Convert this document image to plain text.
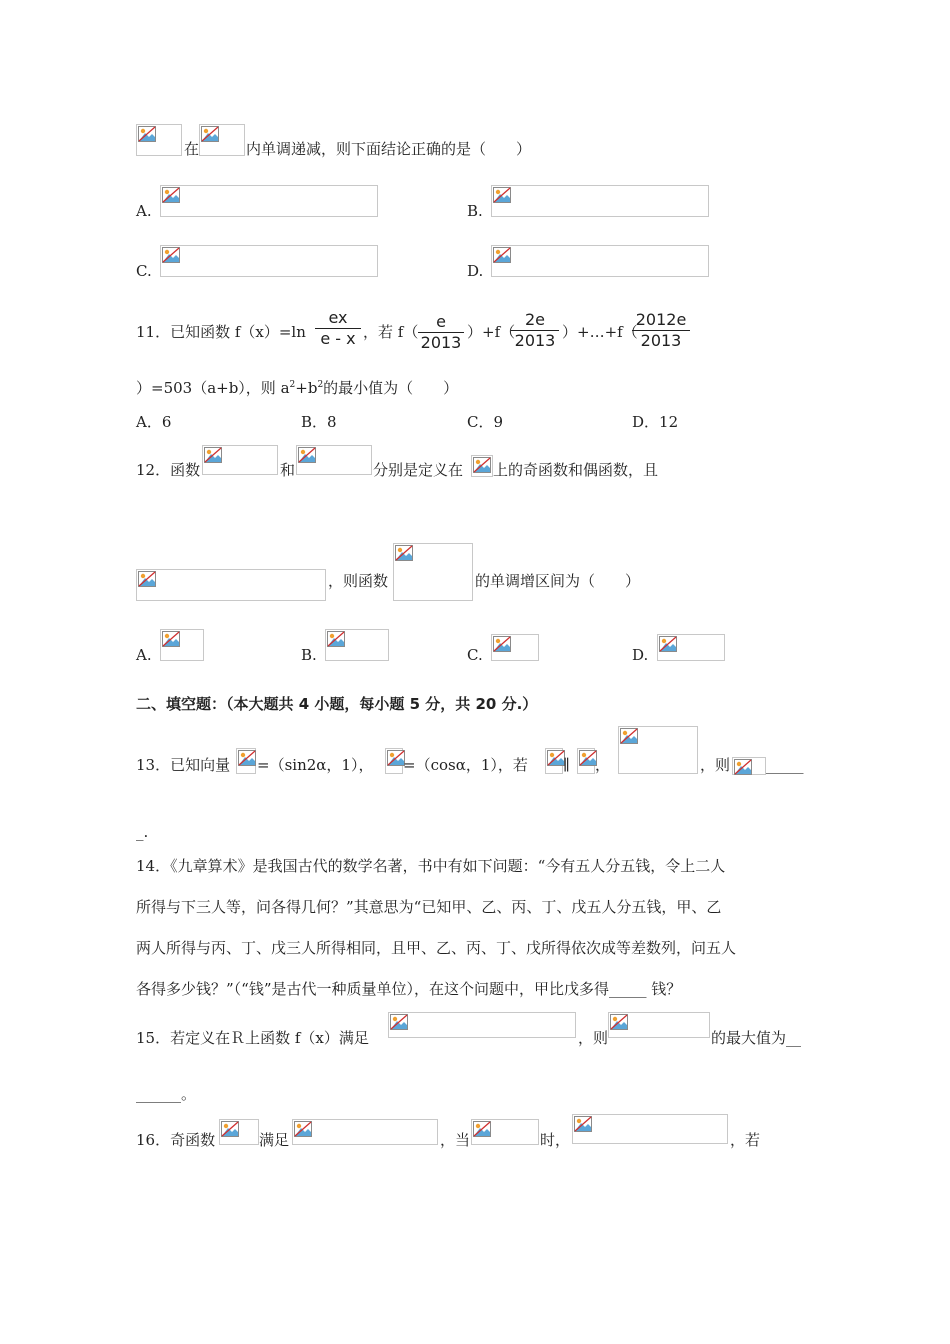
在	内单调递减，则下面结论正确的是（　　）
A.	B.
C.	D.
11．已知函数 f（x）=ln
ex
e - x ，若 f（
e
2013
）+f（
2e
2013 ）+…+f（
2012e
2013
）=503（a+b），则 $a^2+b^2$的最小值为（　　）
A．6	B．8	C．9	D．12
12．函数	和	分别是定义在 上的奇函数和偶函数，且
，则函数	的单调增区间为（　　）
A.	B.	C.	D.
二、填空题：（本大题共 4 小题，每小题 5 分，共 20 分.）
13．已知向量 =（sin2α，1）， =（cosα，1），若 ∥ ，	，则 _____
_.
14．《九章算术》是我国古代的数学名著，书中有如下问题：“今有五人分五钱，令上二人
所得与下三人等，问各得几何？”其意思为“已知甲、乙、丙、丁、戊五人分五钱，甲、乙
两人所得与丙、丁、戊三人所得相同，且甲、乙、丙、丁、戊所得依次成等差数列，问五人
各得多少钱？”（“钱”是古代一种质量单位），在这个问题中，甲比戊多得_____ 钱？
15．若定义在Ｒ上函数 f（x）满足	，则	的最大值为__
______。
16．奇函数	满足	，当	时，	，若
